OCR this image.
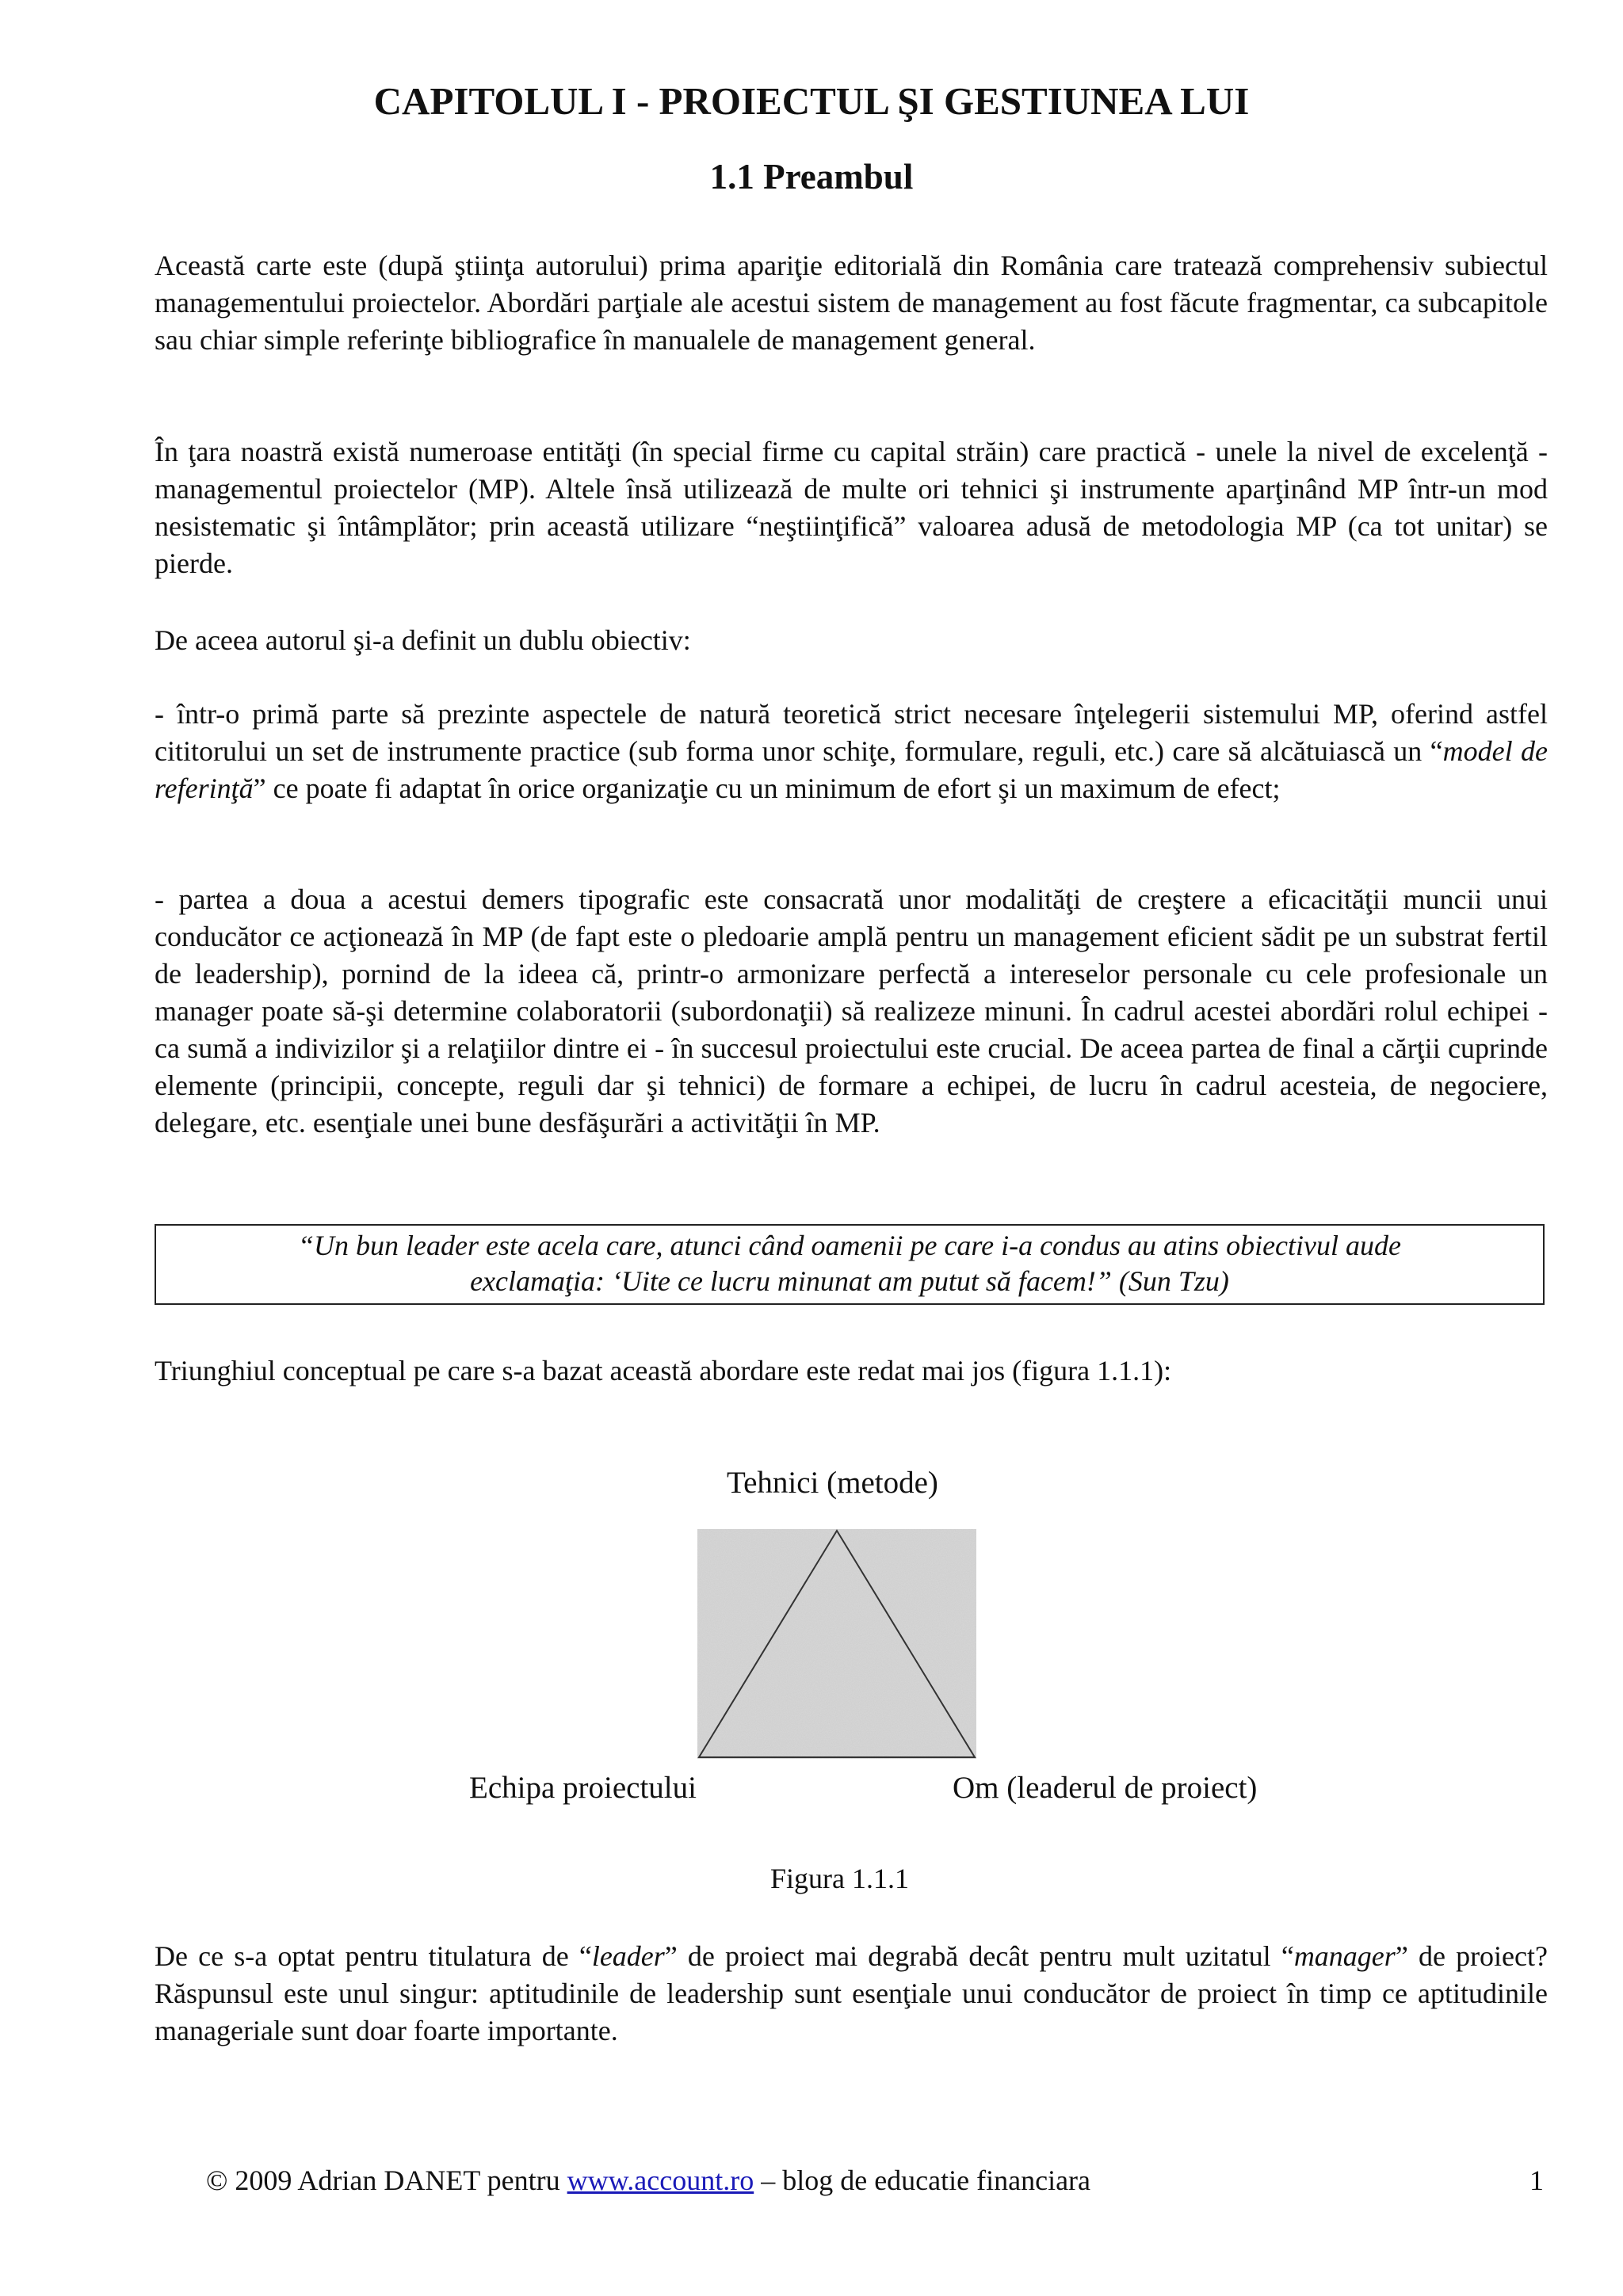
CAPITOLUL I - PROIECTUL ŞI GESTIUNEA LUI
1.1 Preambul

Această carte este (după ştiinţa autorului) prima apariţie editorială din România care tratează comprehensiv subiectul managementului proiectelor. Abordări parţiale ale acestui sistem de management au fost făcute fragmentar, ca subcapitole sau chiar simple referinţe bibliografice în manualele de management general.

În ţara noastră există numeroase entităţi (în special firme cu capital străin) care practică - unele la nivel de excelenţă - managementul proiectelor (MP). Altele însă utilizează de multe ori tehnici şi instrumente aparţinând MP într-un mod nesistematic şi întâmplător; prin această utilizare “neştiinţifică” valoarea adusă de metodologia MP (ca tot unitar) se pierde.

De aceea autorul şi-a definit un dublu obiectiv:

- într-o primă parte să prezinte aspectele de natură teoretică strict necesare înţelegerii sistemului MP, oferind astfel cititorului un set de instrumente practice (sub forma unor schiţe, formulare, reguli, etc.) care să alcătuiască un “model de referinţă” ce poate fi adaptat în orice organizaţie cu un minimum de efort şi un maximum de efect;

- partea a doua a acestui demers tipografic este consacrată unor modalităţi de creştere a eficacităţii muncii unui conducător ce acţionează în MP (de fapt este o pledoarie amplă pentru un management eficient sădit pe un substrat fertil de leadership), pornind de la ideea că, printr-o armonizare perfectă a intereselor personale cu cele profesionale un manager poate să-şi determine colaboratorii (subordonaţii) să realizeze minuni. În cadrul acestei abordări rolul echipei - ca sumă a indivizilor şi a relaţiilor dintre ei - în succesul proiectului este crucial. De aceea partea de final a cărţii cuprinde elemente (principii, concepte, reguli dar şi tehnici) de formare a echipei, de lucru în cadrul acesteia, de negociere, delegare, etc. esenţiale unei bune desfăşurări a activităţii în MP.

“Un bun leader este acela care, atunci când oamenii pe care i-a condus au atins obiectivul aude
exclamaţia: ‘Uite ce lucru minunat am putut să facem!” (Sun Tzu)

Triunghiul conceptual pe care s-a bazat această abordare este redat mai jos (figura 1.1.1):

Tehnici (metode)
Echipa proiectului	Om (leaderul de proiect)
Figura 1.1.1

De ce s-a optat pentru titulatura de “leader” de proiect mai degrabă decât pentru mult uzitatul “manager” de proiect? Răspunsul este unul singur: aptitudinile de leadership sunt esenţiale unui conducător de proiect în timp ce aptitudinile manageriale sunt doar foarte importante.

© 2009 Adrian DANET pentru www.account.ro – blog de educatie financiara	1
